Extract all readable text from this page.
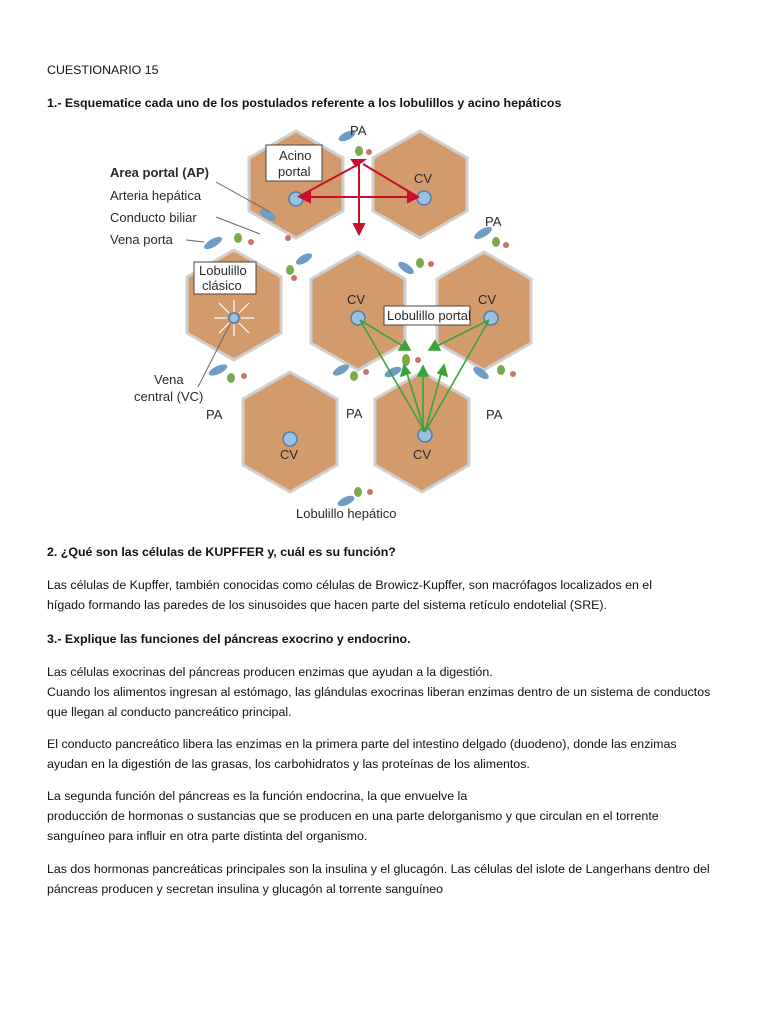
CUESTIONARIO 15

1.- Esquematice cada uno de los postulados referente a los lobulillos y acino hepáticos

PA
PA
PA	PA	PA
CV
CV	CV
CV	CV
Area portal (AP)
Arteria hepática
Conducto biliar
Vena porta
Acino
portal
Lobulillo
clásico
Lobulillo portal
Vena
central (VC)
Lobulillo hepático

2. ¿Qué son las células de KUPFFER y, cuál es su función?

Las células de Kupffer, también conocidas como células de Browicz-Kupffer, son macrófagos localizados en el
hígado formando las paredes de los sinusoides que hacen parte del sistema retículo endotelial (SRE).

3.- Explique las funciones del páncreas exocrino y endocrino.

Las células exocrinas del páncreas producen enzimas que ayudan a la digestión.
Cuando los alimentos ingresan al estómago, las glándulas exocrinas liberan enzimas dentro de un sistema de conductos
que llegan al conducto pancreático principal.

El conducto pancreático libera las enzimas en la primera parte del intestino delgado (duodeno), donde las enzimas
ayudan en la digestión de las grasas, los carbohidratos y las proteínas de los alimentos.

La segunda función del páncreas es la función endocrina, la que envuelve la
producción de hormonas o sustancias que se producen en una parte delorganismo y que circulan en el torrente
sanguíneo para influir en otra parte distinta del organismo.

Las dos hormonas pancreáticas principales son la insulina y el glucagón. Las células del islote de Langerhans dentro del
páncreas producen y secretan insulina y glucagón al torrente sanguíneo
